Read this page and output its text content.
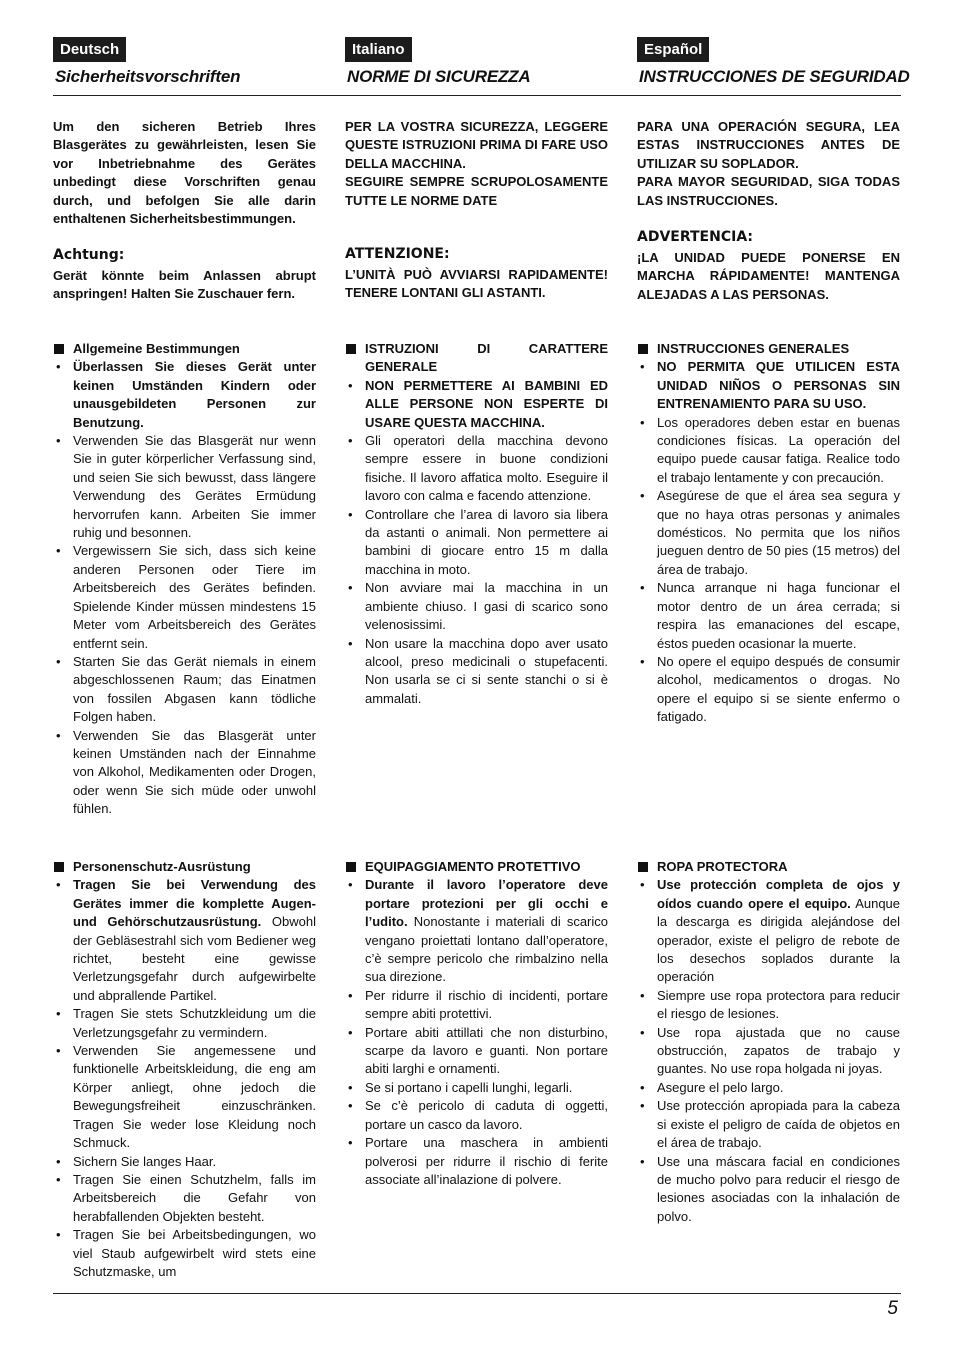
Deutsch	Italiano	Español
Sicherheitsvorschriften	NORME DI SICUREZZA	INSTRUCCIONES DE SEGURIDAD

Um den sicheren Betrieb Ihres Blasgerätes zu gewährleisten, lesen Sie vor Inbetriebnahme des Gerätes unbedingt diese Vorschriften genau durch, und befolgen Sie alle darin enthaltenen Sicherheitsbestimmungen.

PER LA VOSTRA SICUREZZA, LEGGERE QUESTE ISTRUZIONI PRIMA DI FARE USO DELLA MACCHINA.

SEGUIRE SEMPRE SCRUPOLOSAMENTE TUTTE LE NORME DATE

PARA UNA OPERACIÓN SEGURA, LEA ESTAS INSTRUCCIONES ANTES DE UTILIZAR SU SOPLADOR.

PARA MAYOR SEGURIDAD, SIGA TODAS LAS INSTRUCCIONES.

Achtung:
Gerät könnte beim Anlassen abrupt anspringen! Halten Sie Zuschauer fern.
ATTENZIONE:
L’UNITÀ PUÒ AVVIARSI RAPIDAMENTE! TENERE LONTANI GLI ASTANTI.
ADVERTENCIA:
¡LA UNIDAD PUEDE PONERSE EN MARCHA RÁPIDAMENTE! MANTENGA ALEJADAS A LAS PERSONAS.
Allgemeine Bestimmungen
• Überlassen Sie dieses Gerät unter keinen Umständen Kindern oder unausgebildeten Personen zur Benutzung.
• Verwenden Sie das Blasgerät nur wenn Sie in guter körperlicher Verfassung sind, und seien Sie sich bewusst, dass längere Verwendung des Gerätes Ermüdung hervorrufen kann. Arbeiten Sie immer ruhig und besonnen.
• Vergewissern Sie sich, dass sich keine anderen Personen oder Tiere im Arbeitsbereich des Gerätes befinden. Spielende Kinder müssen mindestens 15 Meter vom Arbeitsbereich des Gerätes entfernt sein.
• Starten Sie das Gerät niemals in einem abgeschlossenen Raum; das Einatmen von fossilen Abgasen kann tödliche Folgen haben.
• Verwenden Sie das Blasgerät unter keinen Umständen nach der Einnahme von Alkohol, Medikamenten oder Drogen, oder wenn Sie sich müde oder unwohl fühlen.
ISTRUZIONI DI CARATTERE GENERALE
• NON PERMETTERE AI BAMBINI ED ALLE PERSONE NON ESPERTE DI USARE QUESTA MACCHINA.
• Gli operatori della macchina devono sempre essere in buone condizioni fisiche. Il lavoro affatica molto. Eseguire il lavoro con calma e facendo attenzione.
• Controllare che l’area di lavoro sia libera da astanti o animali. Non permettere ai bambini di giocare entro 15 m dalla macchina in moto.
• Non avviare mai la macchina in un ambiente chiuso. I gasi di scarico sono velenosissimi.
• Non usare la macchina dopo aver usato alcool, preso medicinali o stupefacenti. Non usarla se ci si sente stanchi o si è ammalati.
INSTRUCCIONES GENERALES
• NO PERMITA QUE UTILICEN ESTA UNIDAD NIÑOS O PERSONAS SIN ENTRENAMIENTO PARA SU USO.
• Los operadores deben estar en buenas condiciones físicas. La operación del equipo puede causar fatiga. Realice todo el trabajo lentamente y con precaución.
• Asegúrese de que el área sea segura y que no haya otras personas y animales domésticos. No permita que los niños jueguen dentro de 50 pies (15 metros) del área de trabajo.
• Nunca arranque ni haga funcionar el motor dentro de un área cerrada; si respira las emanaciones del escape, éstos pueden ocasionar la muerte.
• No opere el equipo después de consumir alcohol, medicamentos o drogas. No opere el equipo si se siente enfermo o fatigado.
Personenschutz-Ausrüstung
• Tragen Sie bei Verwendung des Gerätes immer die komplette Augen- und Gehörschutzausrüstung. Obwohl der Gebläsestrahl sich vom Bediener weg richtet, besteht eine gewisse Verletzungsgefahr durch aufgewirbelte und abprallende Partikel.
• Tragen Sie stets Schutzkleidung um die Verletzungsgefahr zu vermindern.
• Verwenden Sie angemessene und funktionelle Arbeitskleidung, die eng am Körper anliegt, ohne jedoch die Bewegungsfreiheit einzuschränken. Tragen Sie weder lose Kleidung noch Schmuck.
• Sichern Sie langes Haar.
• Tragen Sie einen Schutzhelm, falls im Arbeitsbereich die Gefahr von herabfallenden Objekten besteht.
• Tragen Sie bei Arbeitsbedingungen, wo viel Staub aufgewirbelt wird stets eine Schutzmaske, um
EQUIPAGGIAMENTO PROTETTIVO
• Durante il lavoro l’operatore deve portare protezioni per gli occhi e l’udito. Nonostante i materiali di scarico vengano proiettati lontano dall’operatore, c’è sempre pericolo che rimbalzino nella sua direzione.
• Per ridurre il rischio di incidenti, portare sempre abiti protettivi.
• Portare abiti attillati che non disturbino, scarpe da lavoro e guanti. Non portare abiti larghi e ornamenti.
• Se si portano i capelli lunghi, legarli.
• Se c’è pericolo di caduta di oggetti, portare un casco da lavoro.
• Portare una maschera in ambienti polverosi per ridurre il rischio di ferite associate all’inalazione di polvere.
ROPA PROTECTORA
• Use protección completa de ojos y oídos cuando opere el equipo. Aunque la descarga es dirigida alejándose del operador, existe el peligro de rebote de los desechos soplados durante la operación
• Siempre use ropa protectora para reducir el riesgo de lesiones.
• Use ropa ajustada que no cause obstrucción, zapatos de trabajo y guantes. No use ropa holgada ni joyas.
• Asegure el pelo largo.
• Use protección apropiada para la cabeza si existe el peligro de caída de objetos en el área de trabajo.
• Use una máscara facial en condiciones de mucho polvo para reducir el riesgo de lesiones asociadas con la inhalación de polvo.
5
